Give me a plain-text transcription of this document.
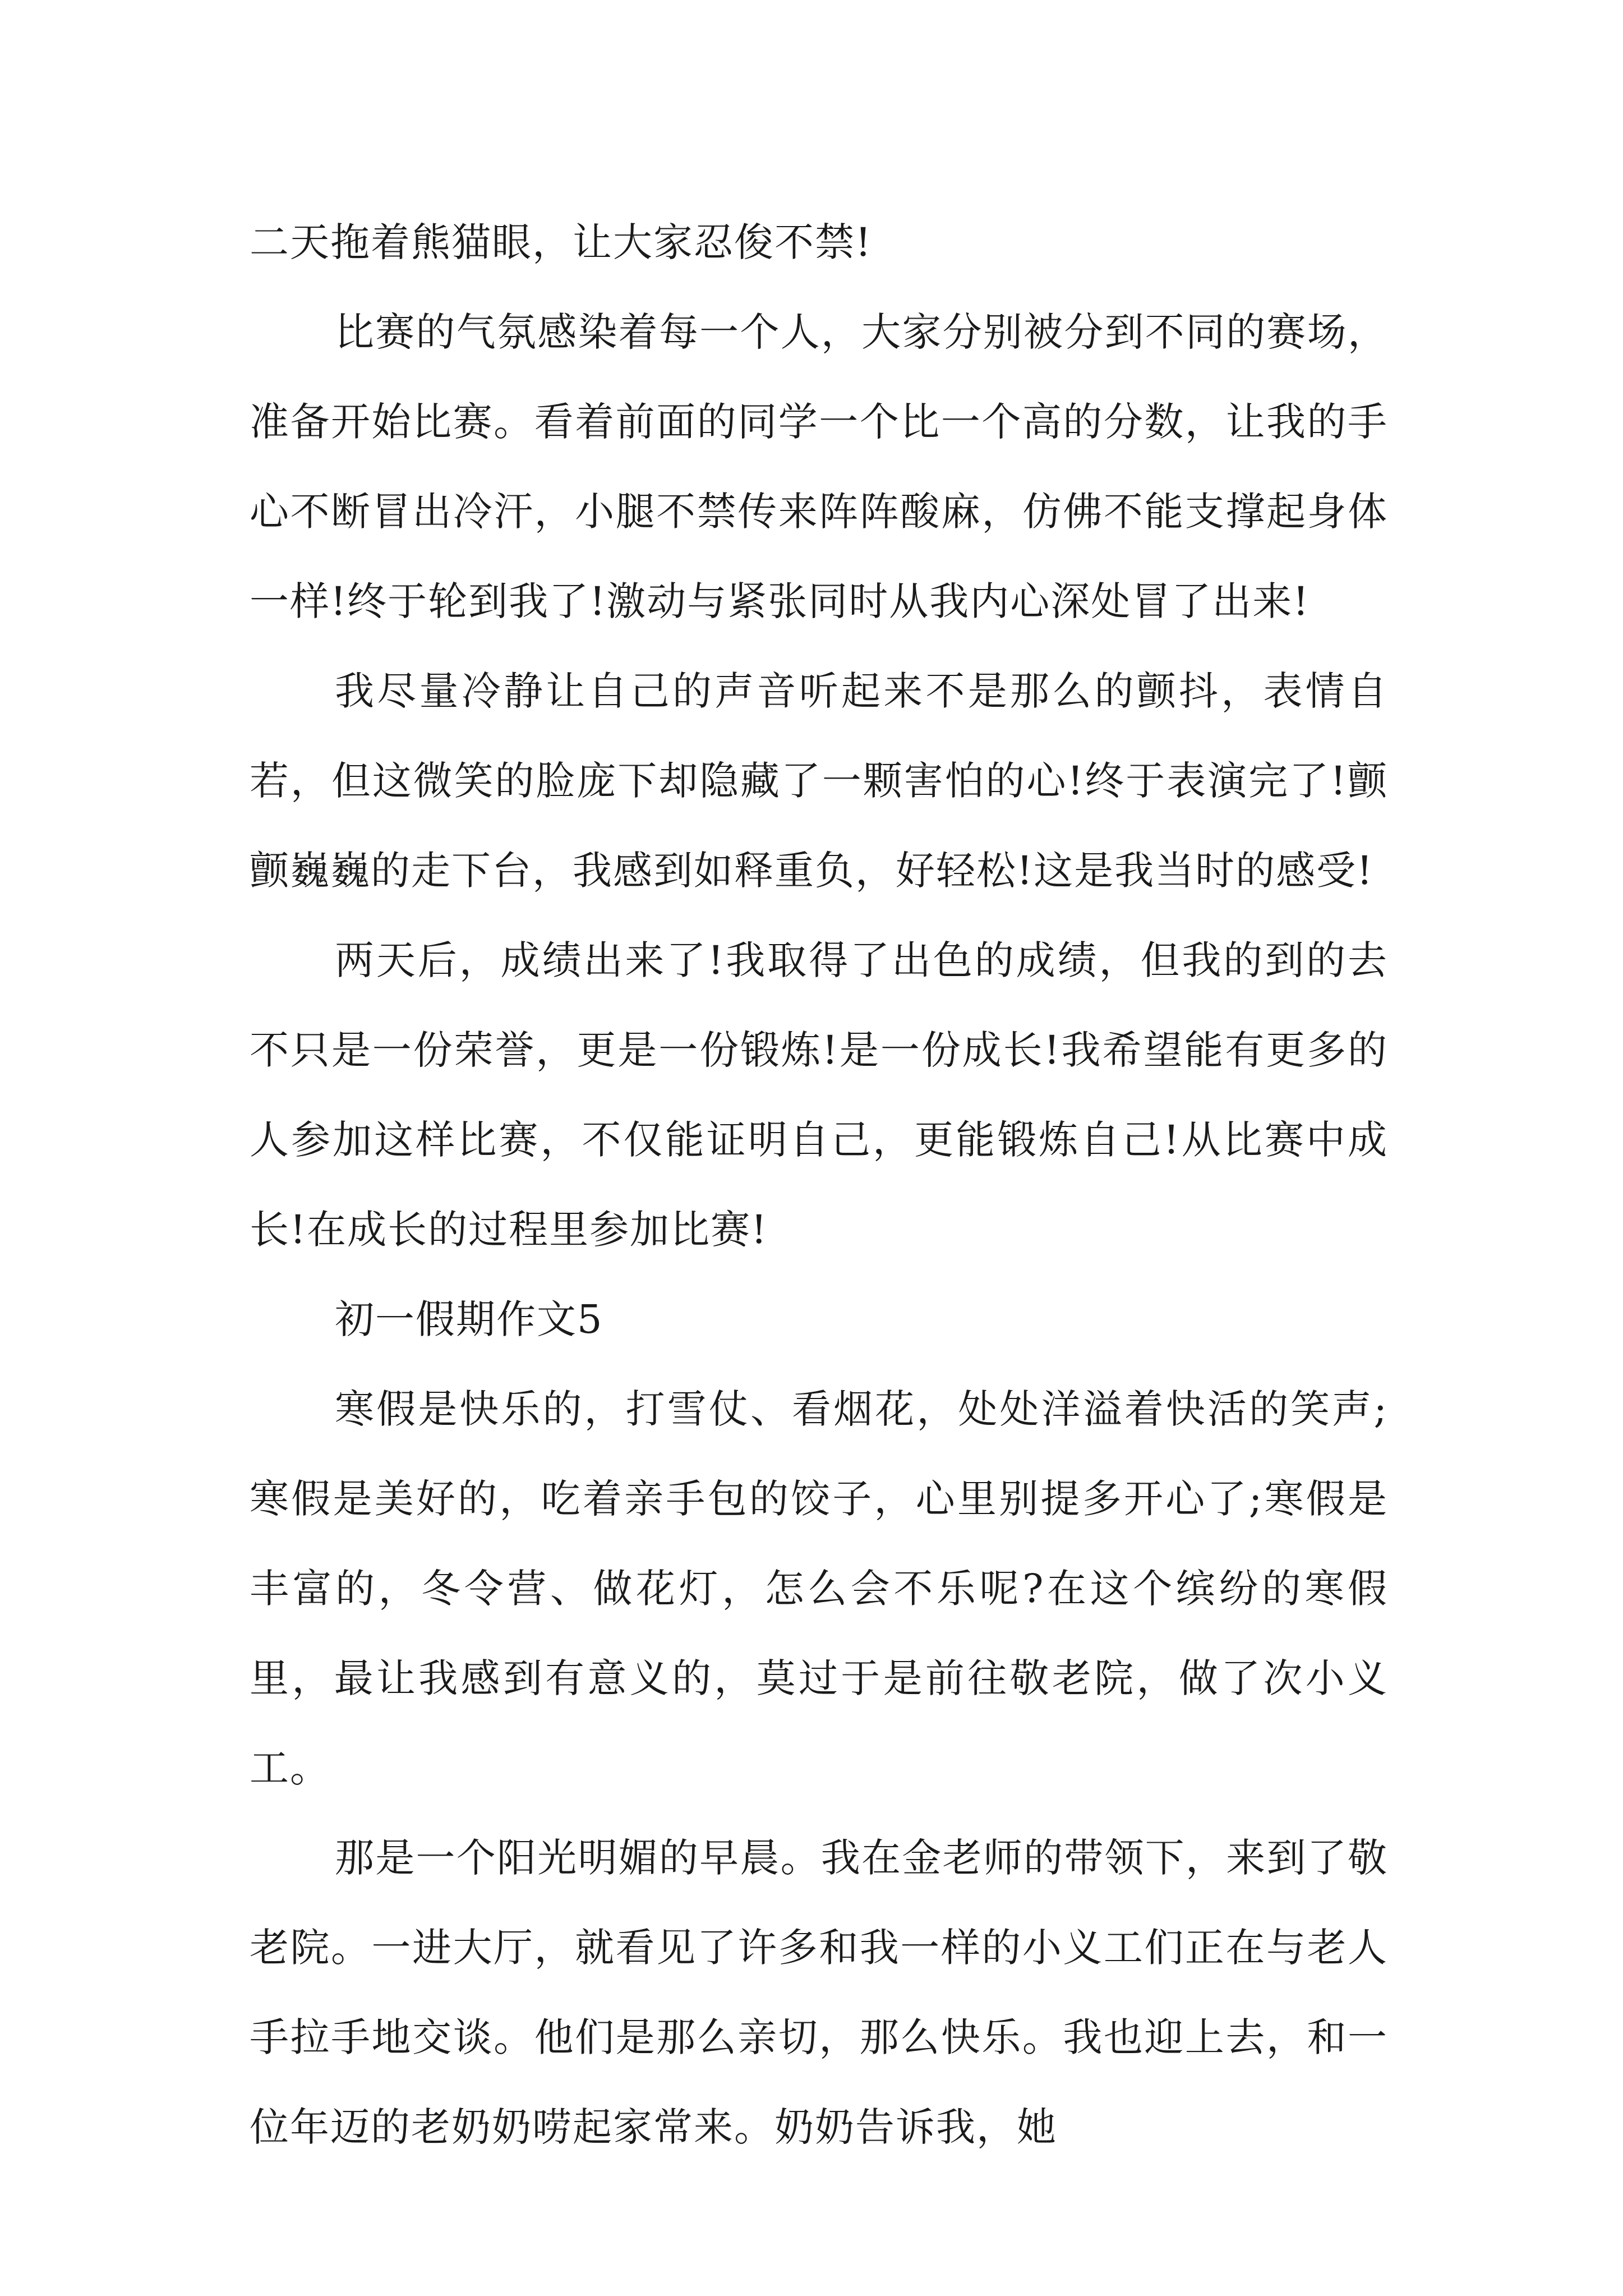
二天拖着熊猫眼，让大家忍俊不禁!

比赛的气氛感染着每一个人，大家分别被分到不同的赛场，准备开始比赛。看着前面的同学一个比一个高的分数，让我的手心不断冒出冷汗，小腿不禁传来阵阵酸麻，仿佛不能支撑起身体一样!终于轮到我了!激动与紧张同时从我内心深处冒了出来!

我尽量冷静让自己的声音听起来不是那么的颤抖，表情自若，但这微笑的脸庞下却隐藏了一颗害怕的心!终于表演完了!颤颤巍巍的走下台，我感到如释重负，好轻松!这是我当时的感受!

两天后，成绩出来了!我取得了出色的成绩，但我的到的去不只是一份荣誉，更是一份锻炼!是一份成长!我希望能有更多的人参加这样比赛，不仅能证明自己，更能锻炼自己!从比赛中成长!在成长的过程里参加比赛!

初一假期作文5

寒假是快乐的，打雪仗、看烟花，处处洋溢着快活的笑声;寒假是美好的，吃着亲手包的饺子，心里别提多开心了;寒假是丰富的，冬令营、做花灯，怎么会不乐呢?在这个缤纷的寒假里，最让我感到有意义的，莫过于是前往敬老院，做了次小义工。

那是一个阳光明媚的早晨。我在金老师的带领下，来到了敬老院。一进大厅，就看见了许多和我一样的小义工们正在与老人手拉手地交谈。他们是那么亲切，那么快乐。我也迎上去，和一位年迈的老奶奶唠起家常来。奶奶告诉我，她
